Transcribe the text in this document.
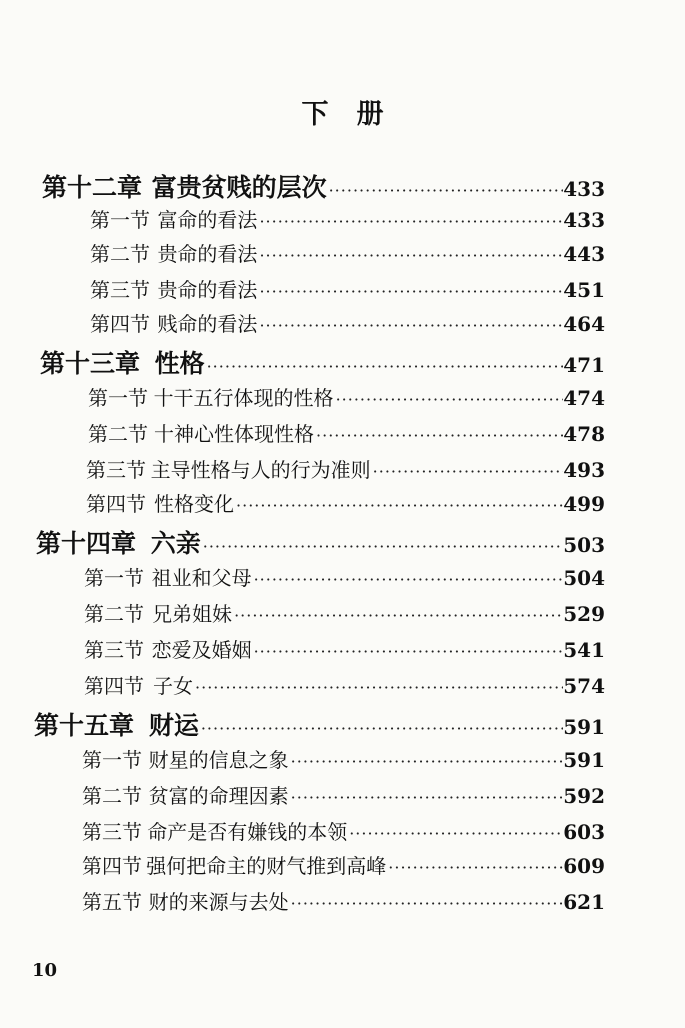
下册
第十二章 富贵贫贱的层次 ·····	433
第一节 富命的看法 ·····	433
第二节 贵命的看法 ·····	443
第三节 贵命的看法 ·····	451
第四节 贱命的看法 ·····	464
第十三章 性格 ·····	471
第一节 十干五行体现的性格 ·····	474
第二节 十神心性体现性格 ·····	478
第三节 主导性格与人的行为准则 ·····	493
第四节 性格变化 ·····	499
第十四章 六亲 ·····	503
第一节 祖业和父母 ·····	504
第二节 兄弟姐妹 ·····	529
第三节 恋爱及婚姻 ·····	541
第四节 子女 ·····	574
第十五章 财运 ·····	591
第一节 财星的信息之象 ·····	591
第二节 贫富的命理因素 ·····	592
第三节 命产是否有嫌钱的本领 ·····	603
第四节 强何把命主的财气推到高峰 ·····	609
第五节 财的来源与去处 ·····	621
10
